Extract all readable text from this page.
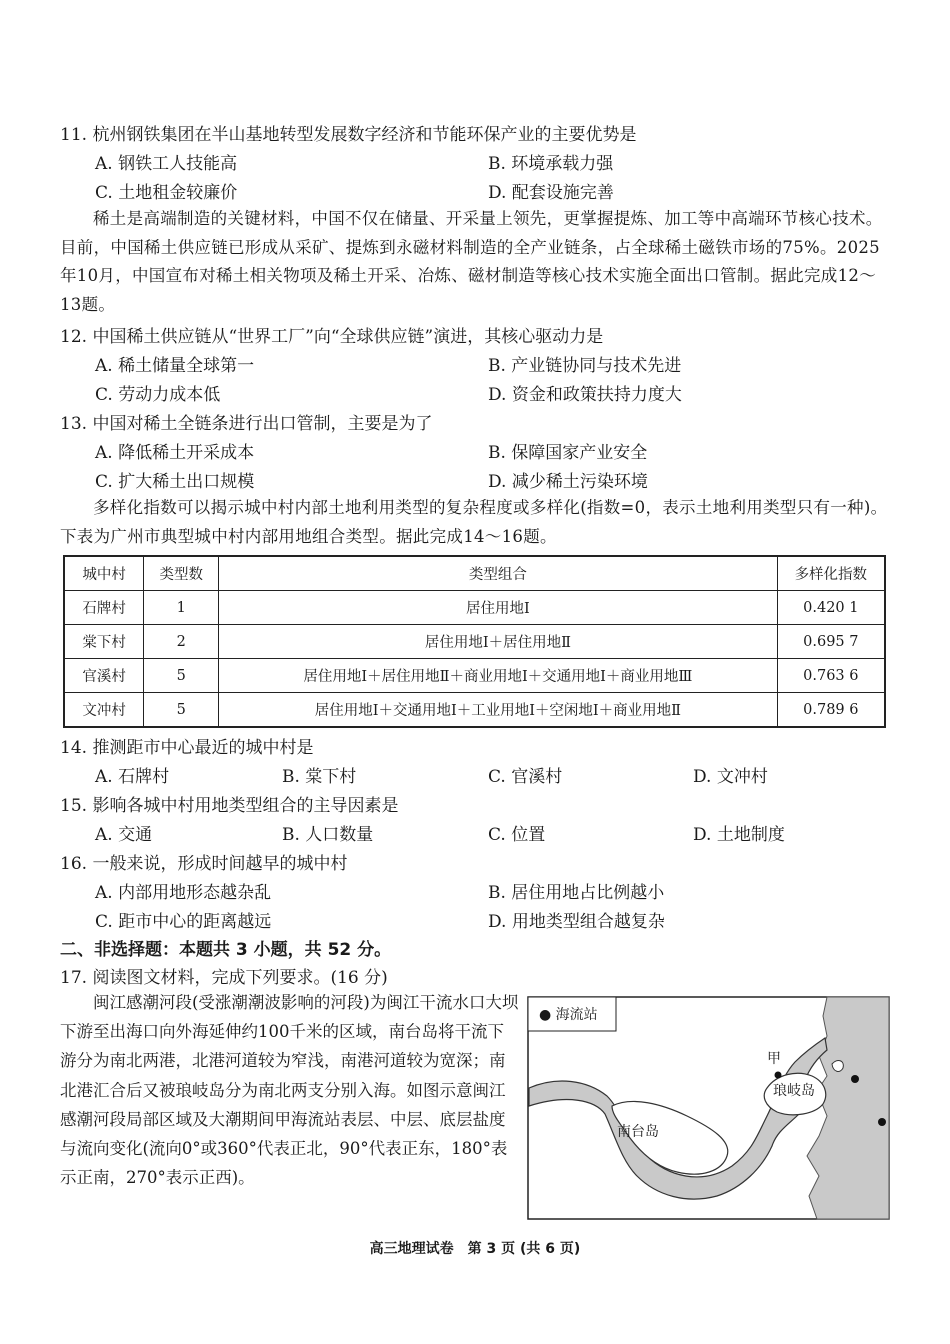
11. 杭州钢铁集团在半山基地转型发展数字经济和节能环保产业的主要优势是
A. 钢铁工人技能高	B. 环境承载力强
C. 土地租金较廉价	D. 配套设施完善

稀土是高端制造的关键材料，中国不仅在储量、开采量上领先，更掌握提炼、加工等中高端环节核心技术。目前，中国稀土供应链已形成从采矿、提炼到永磁材料制造的全产业链条，占全球稀土磁铁市场的75%。2025年10月，中国宣布对稀土相关物项及稀土开采、冶炼、磁材制造等核心技术实施全面出口管制。据此完成12～13题。

12. 中国稀土供应链从“世界工厂”向“全球供应链”演进，其核心驱动力是
A. 稀土储量全球第一	B. 产业链协同与技术先进
C. 劳动力成本低	D. 资金和政策扶持力度大
13. 中国对稀土全链条进行出口管制，主要是为了
A. 降低稀土开采成本	B. 保障国家产业安全
C. 扩大稀土出口规模	D. 减少稀土污染环境

多样化指数可以揭示城中村内部土地利用类型的复杂程度或多样化(指数=0，表示土地利用类型只有一种)。下表为广州市典型城中村内部用地组合类型。据此完成14～16题。

城中村	类型数	类型组合	多样化指数
石牌村	1	居住用地Ⅰ	0.420 1
棠下村	2	居住用地Ⅰ＋居住用地Ⅱ	0.695 7
官溪村	5	居住用地Ⅰ＋居住用地Ⅱ＋商业用地Ⅰ＋交通用地Ⅰ＋商业用地Ⅲ	0.763 6
文冲村	5	居住用地Ⅰ＋交通用地Ⅰ＋工业用地Ⅰ＋空闲地Ⅰ＋商业用地Ⅱ	0.789 6
14. 推测距市中心最近的城中村是
A. 石牌村	B. 棠下村	C. 官溪村	D. 文冲村
15. 影响各城中村用地类型组合的主导因素是
A. 交通	B. 人口数量	C. 位置	D. 土地制度
16. 一般来说，形成时间越早的城中村
A. 内部用地形态越杂乱	B. 居住用地占比例越小
C. 距市中心的距离越远	D. 用地类型组合越复杂
二、非选择题：本题共 3 小题，共 52 分。
17. 阅读图文材料，完成下列要求。(16 分)

闽江感潮河段(受涨潮潮波影响的河段)为闽江干流水口大坝下游至出海口向外海延伸约100千米的区域，南台岛将干流下游分为南北两港，北港河道较为窄浅，南港河道较为宽深；南北港汇合后又被琅岐岛分为南北两支分别入海。如图示意闽江感潮河段局部区域及大潮期间甲海流站表层、中层、底层盐度与流向变化(流向0°或360°代表正北，90°代表正东，180°表示正南，270°表示正西)。

● 海流站
南台岛
琅岐岛
甲
高三地理试卷　第 3 页 (共 6 页)
